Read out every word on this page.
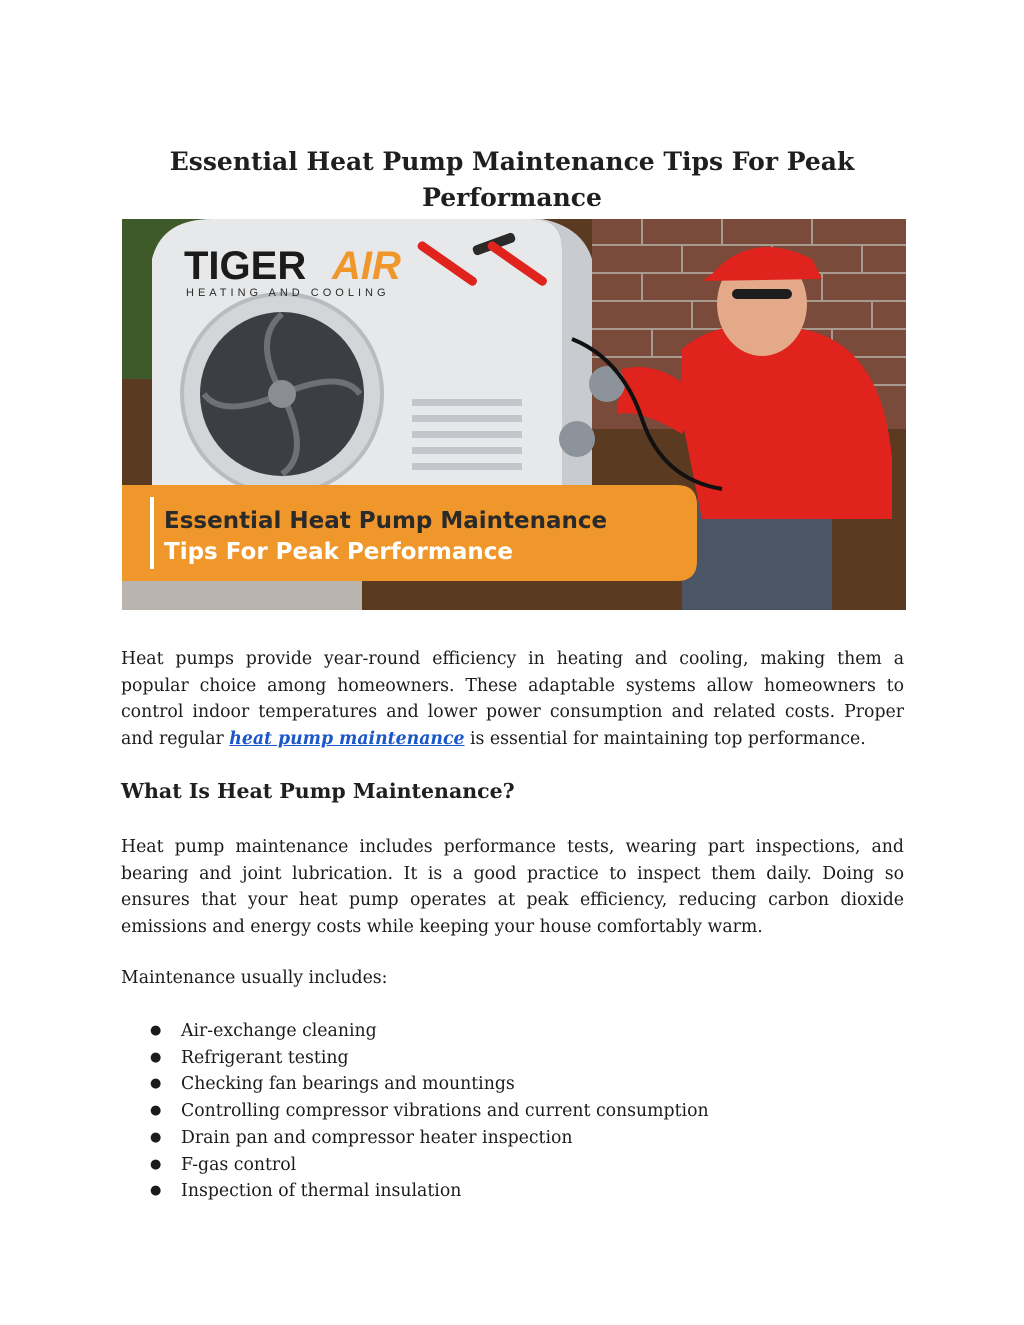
Essential Heat Pump Maintenance Tips For Peak Performance
TIGER AIR
HEATING AND COOLING
Essential Heat Pump Maintenance
Tips For Peak Performance

Heat pumps provide year-round efficiency in heating and cooling, making them a popular choice among homeowners. These adaptable systems allow homeowners to control indoor temperatures and lower power consumption and related costs. Proper and regular heat pump maintenance is essential for maintaining top performance.

What Is Heat Pump Maintenance?

Heat pump maintenance includes performance tests, wearing part inspections, and bearing and joint lubrication. It is a good practice to inspect them daily. Doing so ensures that your heat pump operates at peak efficiency, reducing carbon dioxide emissions and energy costs while keeping your house comfortably warm.

Maintenance usually includes:

● Air-exchange cleaning
● Refrigerant testing
● Checking fan bearings and mountings
● Controlling compressor vibrations and current consumption
● Drain pan and compressor heater inspection
● F-gas control
● Inspection of thermal insulation
